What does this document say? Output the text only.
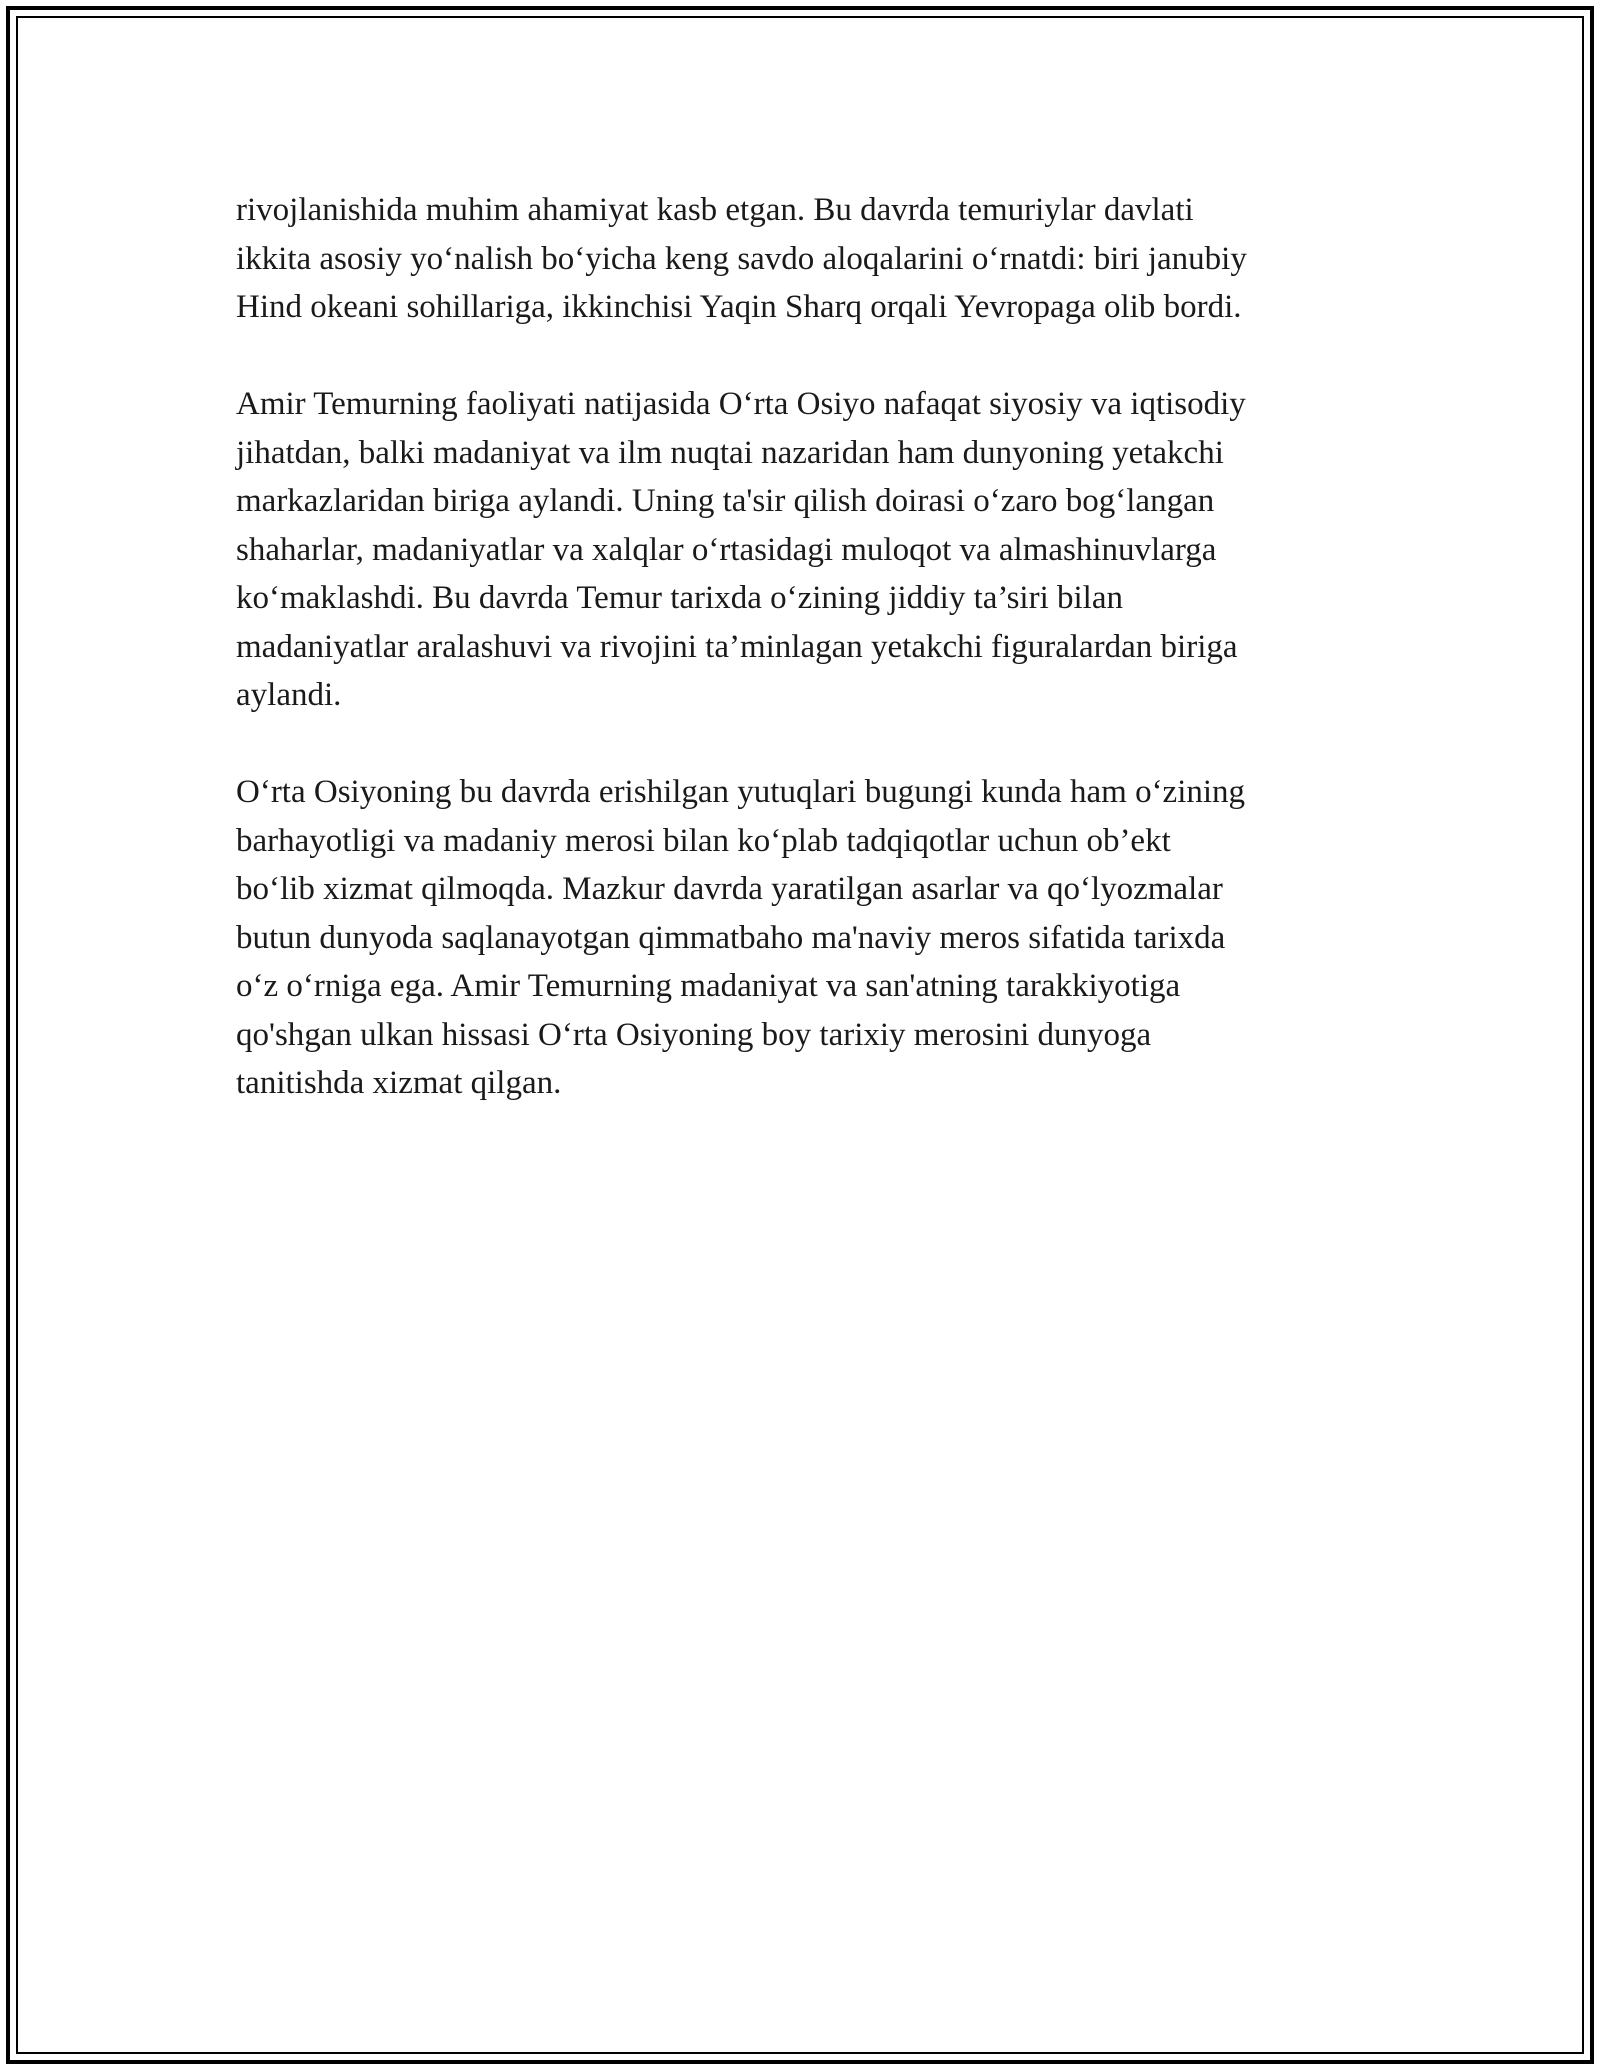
rivojlanishida muhim ahamiyat kasb etgan. Bu davrda temuriylar davlati
ikkita asosiy yo‘nalish bo‘yicha keng savdo aloqalarini o‘rnatdi: biri janubiy
Hind okeani sohillariga, ikkinchisi Yaqin Sharq orqali Yevropaga olib bordi.

Amir Temurning faoliyati natijasida O‘rta Osiyo nafaqat siyosiy va iqtisodiy
jihatdan, balki madaniyat va ilm nuqtai nazaridan ham dunyoning yetakchi
markazlaridan biriga aylandi. Uning ta'sir qilish doirasi o‘zaro bog‘langan
shaharlar, madaniyatlar va xalqlar o‘rtasidagi muloqot va almashinuvlarga
ko‘maklashdi. Bu davrda Temur tarixda o‘zining jiddiy ta’siri bilan
madaniyatlar aralashuvi va rivojini ta’minlagan yetakchi figuralardan biriga
aylandi.

O‘rta Osiyoning bu davrda erishilgan yutuqlari bugungi kunda ham o‘zining
barhayotligi va madaniy merosi bilan ko‘plab tadqiqotlar uchun ob’ekt
bo‘lib xizmat qilmoqda. Mazkur davrda yaratilgan asarlar va qo‘lyozmalar
butun dunyoda saqlanayotgan qimmatbaho ma'naviy meros sifatida tarixda
o‘z o‘rniga ega. Amir Temurning madaniyat va san'atning tarakkiyotiga
qo'shgan ulkan hissasi O‘rta Osiyoning boy tarixiy merosini dunyoga
tanitishda xizmat qilgan.
